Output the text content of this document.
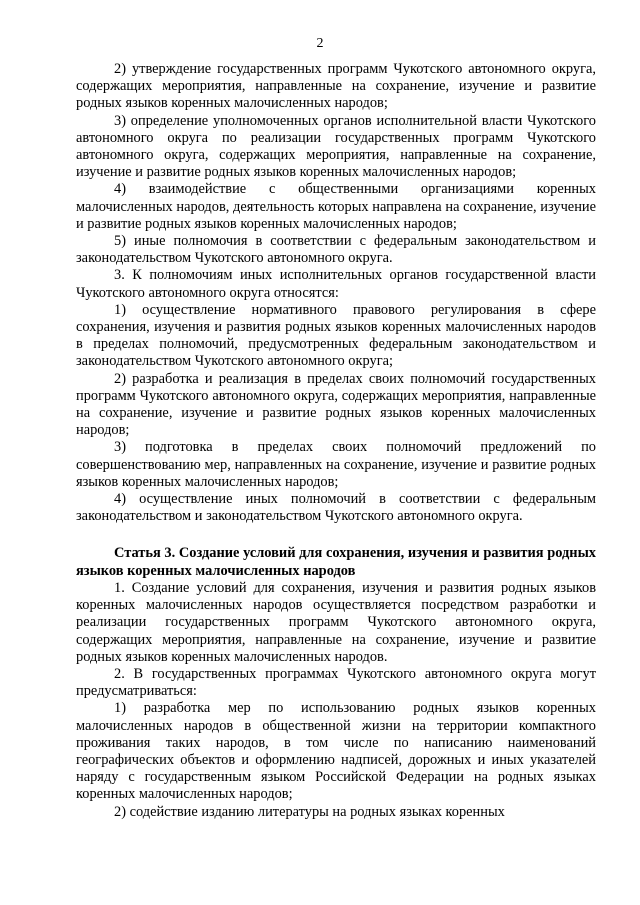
2

2) утверждение государственных программ Чукотского автономного округа, содержащих мероприятия, направленные на сохранение, изучение и развитие родных языков коренных малочисленных народов;

3) определение уполномоченных органов исполнительной власти Чукотского автономного округа по реализации государственных программ Чукотского автономного округа, содержащих мероприятия, направленные на сохранение, изучение и развитие родных языков коренных малочисленных народов;

4) взаимодействие с общественными организациями коренных малочисленных народов, деятельность которых направлена на сохранение, изучение и развитие родных языков коренных малочисленных народов;

5) иные полномочия в соответствии с федеральным законодательством и законодательством Чукотского автономного округа.

3. К полномочиям иных исполнительных органов государственной власти Чукотского автономного округа относятся:

1) осуществление нормативного правового регулирования в сфере сохранения, изучения и развития родных языков коренных малочисленных народов в пределах полномочий, предусмотренных федеральным законодательством и законодательством Чукотского автономного округа;

2) разработка и реализация в пределах своих полномочий государственных программ Чукотского автономного округа, содержащих мероприятия, направленные на сохранение, изучение и развитие родных языков коренных малочисленных народов;

3) подготовка в пределах своих полномочий предложений по совершенствованию мер, направленных на сохранение, изучение и развитие родных языков коренных малочисленных народов;

4) осуществление иных полномочий в соответствии с федеральным законодательством и законодательством Чукотского автономного округа.

Статья 3. Создание условий для сохранения, изучения и развития родных языков коренных малочисленных народов

1. Создание условий для сохранения, изучения и развития родных языков коренных малочисленных народов осуществляется посредством разработки и реализации государственных программ Чукотского автономного округа, содержащих мероприятия, направленные на сохранение, изучение и развитие родных языков коренных малочисленных народов.

2. В государственных программах Чукотского автономного округа могут предусматриваться:

1) разработка мер по использованию родных языков коренных малочисленных народов в общественной жизни на территории компактного проживания таких народов, в том числе по написанию наименований географических объектов и оформлению надписей, дорожных и иных указателей наряду с государственным языком Российской Федерации на родных языках коренных малочисленных народов;

2) содействие изданию литературы на родных языках коренных
